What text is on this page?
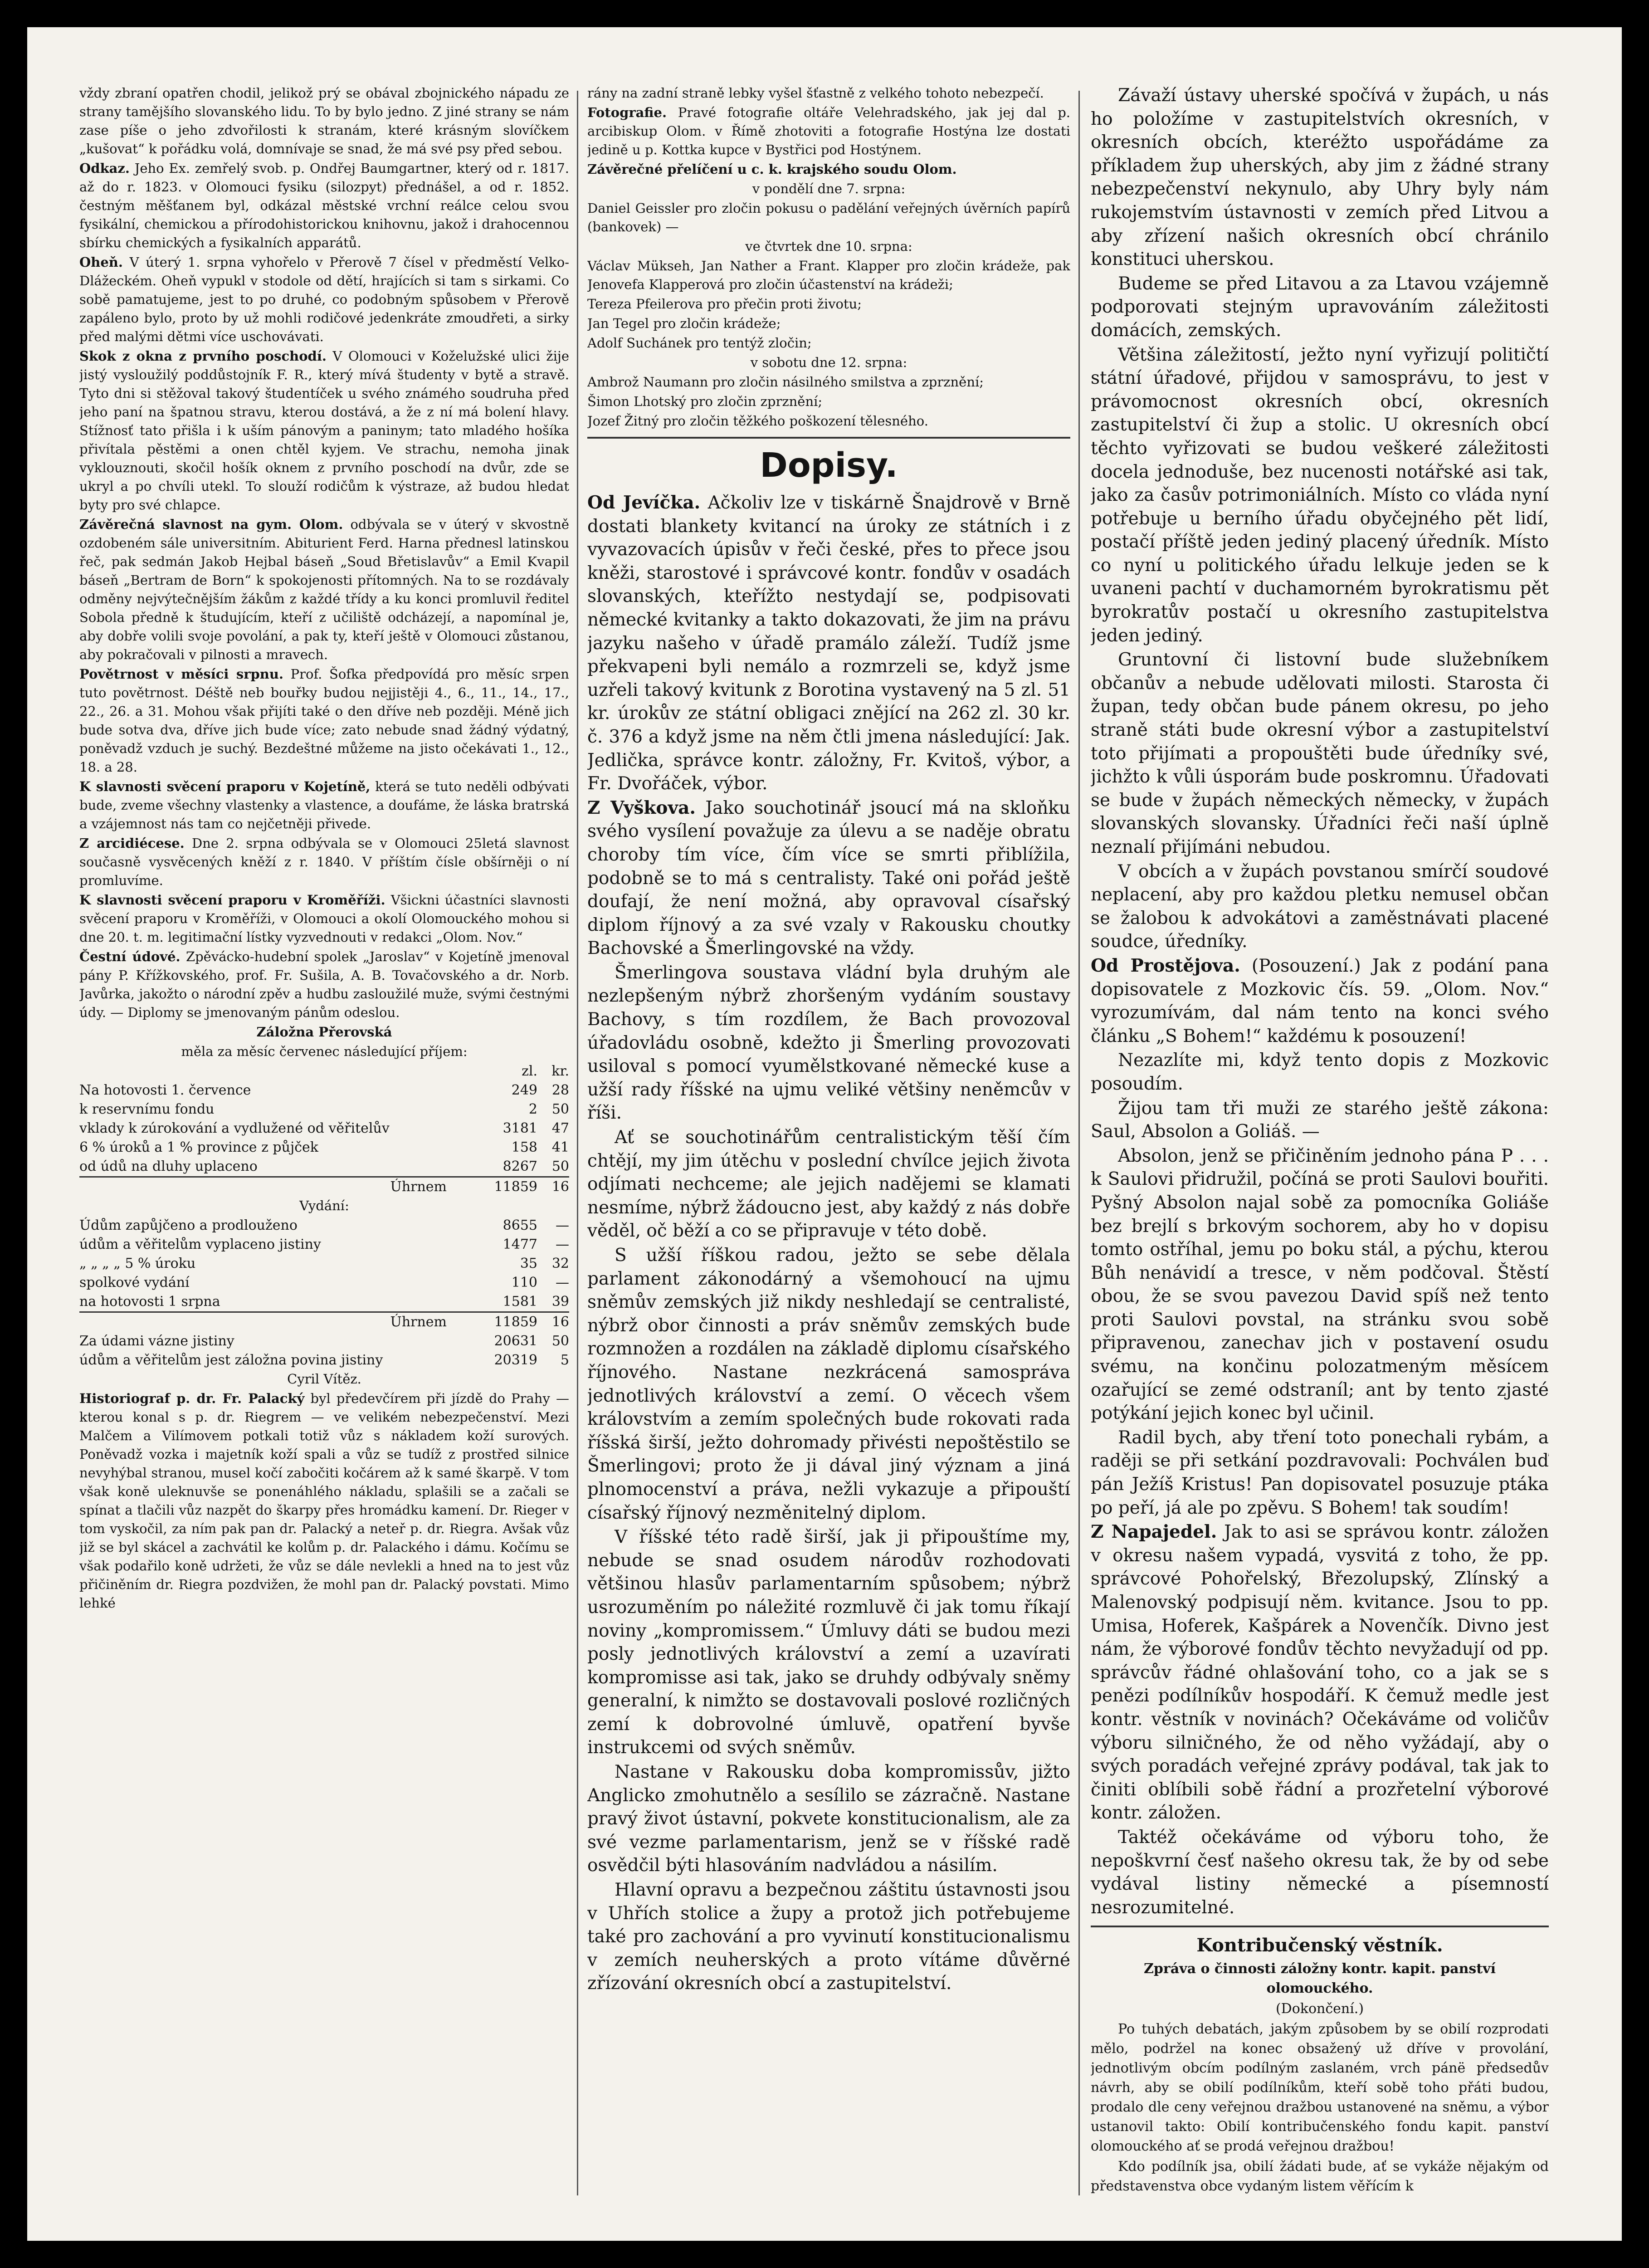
vždy zbraní opatřen chodil, jelikož prý se obával zbojnického nápadu ze strany tamějšího slovanského lidu. To by bylo jedno. Z jiné strany se nám zase píše o jeho zdvořilosti k stranám, které krásným slovíčkem „kušovat“ k pořádku volá, domnívaje se snad, že má své psy před sebou.
Odkaz. Jeho Ex. zemřelý svob. p. Ondřej Baumgartner, který od r. 1817. až do r. 1823. v Olomouci fysiku (silozpyt) přednášel, a od r. 1852. čestným měšťanem byl, odkázal městské vrchní reálce celou svou fysikální, chemickou a přírodohistorickou knihovnu, jakož i drahocennou sbírku chemických a fysikalních apparátů.
Oheň. V úterý 1. srpna vyhořelo v Přerově 7 čísel v předměstí Velko-Dlážeckém. Oheň vypukl v stodole od dětí, hrajících si tam s sirkami. Co sobě pamatujeme, jest to po druhé, co podobným spůsobem v Přerově zapáleno bylo, proto by už mohli rodičové jedenkráte zmoudřeti, a sirky před malými dětmi více uschovávati.
Skok z okna z prvního poschodí. V Olomouci v Koželužské ulici žije jistý vysloužilý poddůstojník F. R., který mívá študenty v bytě a stravě. Tyto dni si stěžoval takový študentíček u svého známého soudruha před jeho paní na špatnou stravu, kterou dostává, a že z ní má bolení hlavy. Stížnosť tato přišla i k uším pánovým a paninym; tato mladého hošíka přivítala pěstěmi a onen chtěl kyjem. Ve strachu, nemoha jinak vyklouznouti, skočil hošík oknem z prvního poschodí na dvůr, zde se ukryl a po chvíli utekl. To slouží rodičům k výstraze, až budou hledat byty pro své chlapce.
Závěrečná slavnost na gym. Olom. odbývala se v úterý v skvostně ozdobeném sále universitním. Abiturient Ferd. Harna přednesl latinskou řeč, pak sedmán Jakob Hejbal báseň „Soud Břetislavův“ a Emil Kvapil báseň „Bertram de Born“ k spokojenosti přítomných. Na to se rozdávaly odměny nejvýtečnějším žákům z každé třídy a ku konci promluvil ředitel Sobola předně k študujícím, kteří z učiliště odcházejí, a napomínal je, aby dobře volili svoje povolání, a pak ty, kteří ještě v Olomouci zůstanou, aby pokračovali v pilnosti a mravech.
Povětrnost v měsíci srpnu. Prof. Šofka předpovídá pro měsíc srpen tuto povětrnost. Déště neb bouřky budou nejjistěji 4., 6., 11., 14., 17., 22., 26. a 31. Mohou však přijíti také o den dříve neb později. Méně jich bude sotva dva, dříve jich bude více; zato nebude snad žádný výdatný, poněvadž vzduch je suchý. Bezdeštné můžeme na jisto očekávati 1., 12., 18. a 28.
K slavnosti svěcení praporu v Kojetíně, která se tuto neděli odbývati bude, zveme všechny vlastenky a vlastence, a doufáme, že láska bratrská a vzájemnost nás tam co nejčetněji přivede.
Z arcidiécese. Dne 2. srpna odbývala se v Olomouci 25letá slavnost současně vysvěcených kněží z r. 1840. V příštím čísle obšírněji o ní promluvíme.
K slavnosti svěcení praporu v Kroměříži. Všickni účastníci slavnosti svěcení praporu v Kroměříži, v Olomouci a okolí Olomouckého mohou si dne 20. t. m. legitimační lístky vyzvednouti v redakci „Olom. Nov.“
Čestní údové. Zpěvácko-hudební spolek „Jaroslav“ v Kojetíně jmenoval pány P. Křížkovského, prof. Fr. Sušila, A. B. Tovačovského a dr. Norb. Javůrka, jakožto o národní zpěv a hudbu zasloužilé muže, svými čestnými údy. — Diplomy se jmenovaným pánům odeslou.
Záložna Přerovská
měla za měsíc červenec následující příjem:
	zl.	kr.
Na hotovosti 1. července	249	28
k reservnímu fondu	2	50
vklady k zúrokování a vydlužené od věřitelův	3181	47
6 % úroků a 1 % province z půjček	158	41
od údů na dluhy uplaceno	8267	50
Úhrnem	11859	16
Vydání:
Údům zapůjčeno a prodlouženo	8655	—
údům a věřitelům vyplaceno jistiny	1477	—
„ „ „ „ 5 % úroku	35	32
spolkové vydání	110	—
na hotovosti 1 srpna	1581	39
Úhrnem	11859	16
Za údami vázne jistiny	20631	50
údům a věřitelům jest záložna povina jistiny	20319	5
Cyril Vítěz.
Historiograf p. dr. Fr. Palacký byl předevčírem při jízdě do Prahy — kterou konal s p. dr. Riegrem — ve velikém nebezpečenství. Mezi Malčem a Vilímovem potkali totiž vůz s nákladem koží surových. Poněvadž vozka i majetník koží spali a vůz se tudíž z prostřed silnice nevyhýbal stranou, musel kočí zabočiti kočárem až k samé škarpě. V tom však koně uleknuvše se ponenáhlého nákladu, splašili se a začali se spínat a tlačili vůz nazpět do škarpy přes hromádku kamení. Dr. Rieger v tom vyskočil, za ním pak pan dr. Palacký a neteř p. dr. Riegra. Avšak vůz již se byl skácel a zachvátil ke kolům p. dr. Palackého i dámu. Kočímu se však podařilo koně udržeti, že vůz se dále nevlekli a hned na to jest vůz přičiněním dr. Riegra pozdvižen, že mohl pan dr. Palacký povstati. Mimo lehké
rány na zadní straně lebky vyšel šťastně z velkého tohoto nebezpečí.
Fotografie. Pravé fotografie oltáře Velehradského, jak jej dal p. arcibiskup Olom. v Římě zhotoviti a fotografie Hostýna lze dostati jedině u p. Kottka kupce v Bystřici pod Hostýnem.
Závěrečné přelíčení u c. k. krajského soudu Olom.
v pondělí dne 7. srpna:
Daniel Geissler pro zločin pokusu o padělání veřejných úvěrních papírů (bankovek) —
ve čtvrtek dne 10. srpna:
Václav Mükseh, Jan Nather a Frant. Klapper pro zločin krádeže, pak Jenovefa Klapperová pro zločin účastenství na krádeži;
Tereza Pfeilerova pro přečin proti životu;
Jan Tegel pro zločin krádeže;
Adolf Suchánek pro tentýž zločin;
v sobotu dne 12. srpna:
Ambrož Naumann pro zločin násilného smilstva a zprznění;
Šimon Lhotský pro zločin zprznění;
Jozef Žitný pro zločin těžkého poškození tělesného.
Dopisy.
Od Jevíčka. Ačkoliv lze v tiskárně Šnajdrově v Brně dostati blankety kvitancí na úroky ze státních i z vyvazovacích úpisův v řeči české, přes to přece jsou kněži, starostové i správcové kontr. fondův v osadách slovanských, kteřížto nestydají se, podpisovati německé kvitanky a takto dokazovati, že jim na právu jazyku našeho v úřadě pramálo záleží. Tudíž jsme překvapeni byli nemálo a rozmrzeli se, když jsme uzřeli takový kvitunk z Borotina vystavený na 5 zl. 51 kr. úrokův ze státní obligaci znějící na 262 zl. 30 kr. č. 376 a když jsme na něm čtli jmena následující: Jak. Jedlička, správce kontr. záložny, Fr. Kvitoš, výbor, a Fr. Dvořáček, výbor.
Z Vyškova. Jako souchotinář jsoucí má na skloňku svého vysílení považuje za úlevu a se naděje obratu choroby tím více, čím více se smrti přiblížila, podobně se to má s centralisty. Také oni pořád ještě doufají, že není možná, aby opravoval císařský diplom říjnový a za své vzaly v Rakousku choutky Bachovské a Šmerlingovské na vždy.
Šmerlingova soustava vládní byla druhým ale nezlepšeným nýbrž zhoršeným vydáním soustavy Bachovy, s tím rozdílem, že Bach provozoval úřadovládu osobně, kdežto ji Šmerling provozovati usiloval s pomocí vyumělstkované německé kuse a užší rady říšské na ujmu veliké většiny neněmcův v říši.
Ať se souchotinářům centralistickým těší čím chtějí, my jim útěchu v poslední chvílce jejich života odjímati nechceme; ale jejich nadějemi se klamati nesmíme, nýbrž žádoucno jest, aby každý z nás dobře věděl, oč běží a co se připravuje v této době.
S užší říškou radou, ježto se sebe dělala parlament zákonodárný a všemohoucí na ujmu sněmův zemských již nikdy neshledají se centralisté, nýbrž obor činnosti a práv sněmův zemských bude rozmnožen a rozdálen na základě diplomu císařského říjnového. Nastane nezkrácená samospráva jednotlivých království a zemí. O věcech všem královstvím a zemím společných bude rokovati rada říšská širší, ježto dohromady přivésti nepoštěstilo se Šmerlingovi; proto že ji dával jiný význam a jiná plnomocenství a práva, nežli vykazuje a připouští císařský říjnový nezměnitelný diplom.
V říšské této radě širší, jak ji připouštíme my, nebude se snad osudem národův rozhodovati většinou hlasův parlamentarním spůsobem; nýbrž usrozuměním po náležité rozmluvě či jak tomu říkají noviny „kompromissem.“ Úmluvy dáti se budou mezi posly jednotlivých království a zemí a uzavírati kompromisse asi tak, jako se druhdy odbývaly sněmy generalní, k nimžto se dostavovali poslové rozličných zemí k dobrovolné úmluvě, opatření byvše instrukcemi od svých sněmův.
Nastane v Rakousku doba kompromissův, jižto Anglicko zmohutnělo a sesílilo se zázračně. Nastane pravý život ústavní, pokvete konstitucionalism, ale za své vezme parlamentarism, jenž se v říšské radě osvědčil býti hlasováním nadvládou a násilím.
Hlavní opravu a bezpečnou záštitu ústavnosti jsou v Uhřích stolice a župy a protož jich potřebujeme také pro zachování a pro vyvinutí konstitucionalismu v zemích neuherských a proto vítáme důvěrné zřízování okresních obcí a zastupitelství.
Závaží ústavy uherské spočívá v župách, u nás ho položíme v zastupitelstvích okresních, v okresních obcích, kteréžto uspořádáme za příkladem žup uherských, aby jim z žádné strany nebezpečenství nekynulo, aby Uhry byly nám rukojemstvím ústavnosti v zemích před Litvou a aby zřízení našich okresních obcí chránilo konstituci uherskou.
Budeme se před Litavou a za Ltavou vzájemně podporovati stejným upravováním záležitosti domácích, zemských.
Většina záležitostí, ježto nyní vyřizují političtí státní úřadové, přijdou v samosprávu, to jest v právomocnost okresních obcí, okresních zastupitelství či žup a stolic. U okresních obcí těchto vyřizovati se budou veškeré záležitosti docela jednoduše, bez nucenosti notářské asi tak, jako za časův potrimoniálních. Místo co vláda nyní potřebuje u berního úřadu obyčejného pět lidí, postačí příště jeden jediný placený úředník. Místo co nyní u politického úřadu lelkuje jeden se k uvaneni pachtí v duchamorném byrokratismu pět byrokratův postačí u okresního zastupitelstva jeden jediný.
Gruntovní či listovní bude služebníkem občanův a nebude udělovati milosti. Starosta či župan, tedy občan bude pánem okresu, po jeho straně státi bude okresní výbor a zastupitelství toto přijímati a propouštěti bude úředníky své, jichžto k vůli úsporám bude poskromnu. Úřadovati se bude v župách německých německy, v župách slovanských slovansky. Úřadníci řeči naší úplně neznalí přijímáni nebudou.
V obcích a v župách povstanou smírčí soudové neplacení, aby pro každou pletku nemusel občan se žalobou k advokátovi a zaměstnávati placené soudce, úředníky.
Od Prostějova. (Posouzení.) Jak z podání pana dopisovatele z Mozkovic čís. 59. „Olom. Nov.“ vyrozumívám, dal nám tento na konci svého článku „S Bohem!“ každému k posouzení!
Nezazlíte mi, když tento dopis z Mozkovic posoudím.
Žijou tam tři muži ze starého ještě zákona: Saul, Absolon a Goliáš. —
Absolon, jenž se přičiněním jednoho pána P . . . k Saulovi přidružil, počíná se proti Saulovi bouřiti. Pyšný Absolon najal sobě za pomocníka Goliáše bez brejlí s brkovým sochorem, aby ho v dopisu tomto ostříhal, jemu po boku stál, a pýchu, kterou Bůh nenávidí a tresce, v něm podčoval. Štěstí obou, že se svou pavezou David spíš než tento proti Saulovi povstal, na stránku svou sobě připravenou, zanechav jich v postavení osudu svému, na končinu polozatmeným měsícem ozařující se zemé odstraníl; ant by tento zjasté potýkání jejich konec byl učinil.
Radil bych, aby tření toto ponechali rybám, a raději se při setkání pozdravovali: Pochválen buď pán Ježíš Kristus! Pan dopisovatel posuzuje ptáka po peří, já ale po zpěvu. S Bohem! tak soudím!
Z Napajedel. Jak to asi se správou kontr. záložen v okresu našem vypadá, vysvitá z toho, že pp. správcové Pohořelský, Březolupský, Zlínský a Malenovský podpisují něm. kvitance. Jsou to pp. Umisa, Hoferek, Kašpárek a Novenčík. Divno jest nám, že výborové fondův těchto nevyžadují od pp. správcův řádné ohlašování toho, co a jak se s penězi podílníkův hospodáří. K čemuž medle jest kontr. věstník v novinách? Očekáváme od voličův výboru silničného, že od něho vyžádají, aby o svých poradách veřejné zprávy podával, tak jak to činiti oblíbili sobě řádní a prozřetelní výborové kontr. záložen.
Taktéž očekáváme od výboru toho, že nepoškvrní česť našeho okresu tak, že by od sebe vydával listiny německé a písemností nesrozumitelné.
Kontribučenský věstník.
Zpráva o činnosti záložny kontr. kapit. panství olomouckého.
(Dokončení.)
Po tuhých debatách, jakým způsobem by se obilí rozprodati mělo, podržel na konec obsažený už dříve v provolání, jednotlivým obcím podílným zaslaném, vrch pánë předsedův návrh, aby se obilí podílníkům, kteří sobě toho přáti budou, prodalo dle ceny veřejnou dražbou ustanovené na sněmu, a výbor ustanovil takto: Obilí kontribučenského fondu kapit. panství olomouckého ať se prodá veřejnou dražbou!
Kdo podílník jsa, obilí žádati bude, ať se vykáže nějakým od představenstva obce vydaným listem věřícím k
